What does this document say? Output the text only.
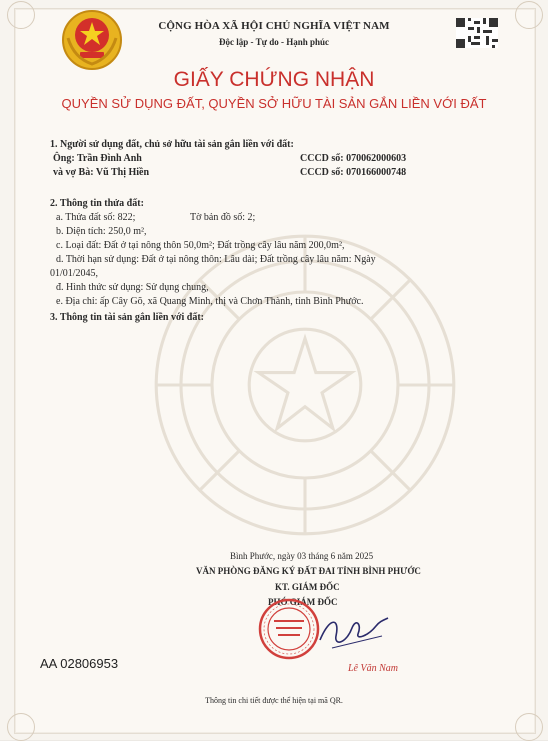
CỘNG HÒA XÃ HỘI CHỦ NGHĨA VIỆT NAM
Độc lập - Tự do - Hạnh phúc
GIẤY CHỨNG NHẬN
QUYỀN SỬ DỤNG ĐẤT, QUYỀN SỞ HỮU TÀI SẢN GẮN LIỀN VỚI ĐẤT
1. Người sử dụng đất, chủ sở hữu tài sản gắn liền với đất:
Ông: Trần Đình Anh	CCCD số: 070062000603
và vợ Bà: Vũ Thị Hiền	CCCD số: 070166000748
2. Thông tin thửa đất:
a. Thửa đất số: 822;	Tờ bản đồ số: 2;
b. Diện tích: 250,0 m²,
c. Loại đất: Đất ở tại nông thôn 50,0m²; Đất trồng cây lâu năm 200,0m²,
d. Thời hạn sử dụng: Đất ở tại nông thôn: Lâu dài; Đất trồng cây lâu năm: Ngày
01/01/2045,
đ. Hình thức sử dụng: Sử dụng chung,
e. Địa chỉ: ấp Cây Gõ, xã Quang Minh, thị và Chơn Thành, tỉnh Bình Phước.
3. Thông tin tài sản gắn liền với đất:
Bình Phước, ngày 03 tháng 6 năm 2025
VĂN PHÒNG ĐĂNG KÝ ĐẤT ĐAI TỈNH BÌNH PHƯỚC
KT. GIÁM ĐỐC
PHÓ GIÁM ĐỐC
AA 02806953	Lê Văn Nam
Thông tin chi tiết được thể hiện tại mã QR.
